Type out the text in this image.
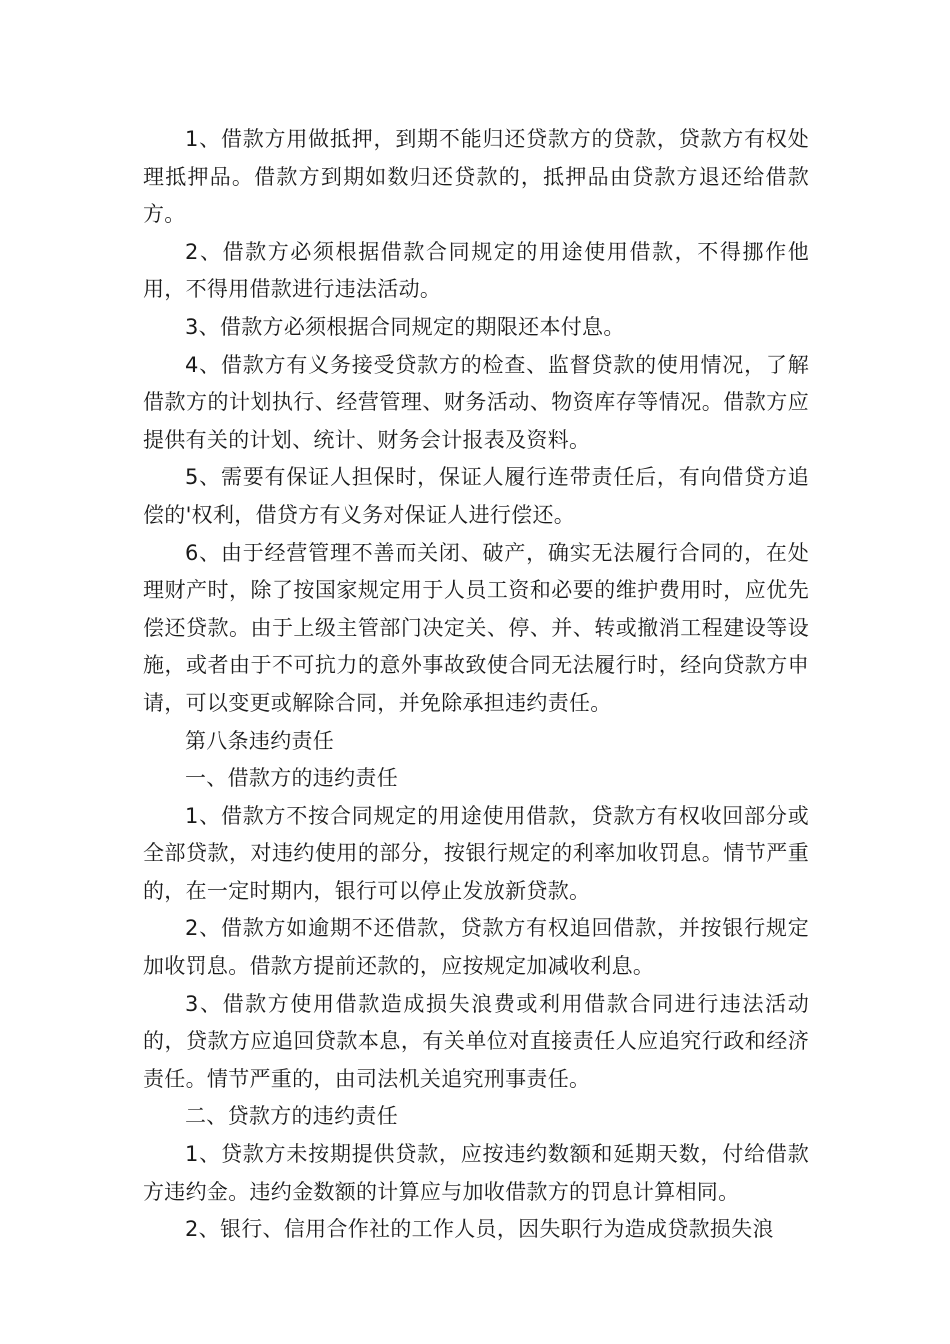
1、借款方用做抵押，到期不能归还贷款方的贷款，贷款方有权处理抵押品。借款方到期如数归还贷款的，抵押品由贷款方退还给借款方。

2、借款方必须根据借款合同规定的用途使用借款，不得挪作他用，不得用借款进行违法活动。

3、借款方必须根据合同规定的期限还本付息。

4、借款方有义务接受贷款方的检查、监督贷款的使用情况，了解借款方的计划执行、经营管理、财务活动、物资库存等情况。借款方应提供有关的计划、统计、财务会计报表及资料。

5、需要有保证人担保时，保证人履行连带责任后，有向借贷方追偿的'权利，借贷方有义务对保证人进行偿还。

6、由于经营管理不善而关闭、破产，确实无法履行合同的，在处理财产时，除了按国家规定用于人员工资和必要的维护费用时，应优先偿还贷款。由于上级主管部门决定关、停、并、转或撤消工程建设等设施，或者由于不可抗力的意外事故致使合同无法履行时，经向贷款方申请，可以变更或解除合同，并免除承担违约责任。

第八条违约责任

一、借款方的违约责任

1、借款方不按合同规定的用途使用借款，贷款方有权收回部分或全部贷款，对违约使用的部分，按银行规定的利率加收罚息。情节严重的，在一定时期内，银行可以停止发放新贷款。

2、借款方如逾期不还借款，贷款方有权追回借款，并按银行规定加收罚息。借款方提前还款的，应按规定加减收利息。

3、借款方使用借款造成损失浪费或利用借款合同进行违法活动的，贷款方应追回贷款本息，有关单位对直接责任人应追究行政和经济责任。情节严重的，由司法机关追究刑事责任。

二、贷款方的违约责任

1、贷款方未按期提供贷款，应按违约数额和延期天数，付给借款方违约金。违约金数额的计算应与加收借款方的罚息计算相同。

2、银行、信用合作社的工作人员，因失职行为造成贷款损失浪
